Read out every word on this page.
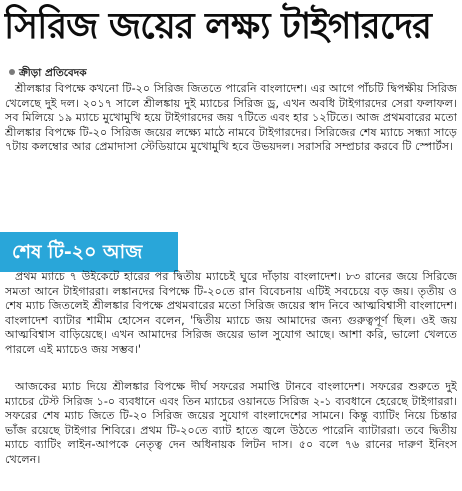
সিরিজ জয়ের লক্ষ্য টাইগারদের
ক্রীড়া প্রতিবেদক
শ্রীলঙ্কার বিপক্ষে কখনো টি-২০ সিরিজ জিততে পারেনি বাংলাদেশ। এর আগে পাঁচটি দ্বিপক্ষীয় সিরিজ খেলেছে দুই দল। ২০১৭ সালে শ্রীলঙ্কায় দুই ম্যাচের সিরিজ ড্র, এখন অবধি টাইগারদের সেরা ফলাফল। সব মিলিয়ে ১৯ ম্যাচে মুখোমুখি হয়ে টাইগারদের জয় ৭টিতে এবং হার ১২টিতে। আজ প্রথমবারের মতো শ্রীলঙ্কার বিপক্ষে টি-২০ সিরিজ জয়ের লক্ষ্যে মাঠে নামবে টাইগারদের। সিরিজের শেষ ম্যাচে সন্ধ্যা সাড়ে ৭টায় কলম্বোর আর প্রেমাদাসা স্টেডিয়ামে মুখোমুখি হবে উভয়দল। সরাসরি সম্প্রচার করবে টি স্পোর্টস।
শেষ টি-২০ আজ
প্রথম ম্যাচে ৭ উইকেটে হারের পর দ্বিতীয় ম্যাচেই ঘুরে দাঁড়ায় বাংলাদেশ। ৮৩ রানের জয়ে সিরিজে সমতা আনে টাইগাররা। লঙ্কানদের বিপক্ষে টি-২০তে রান বিবেচনায় এটিই সবচেয়ে বড় জয়। তৃতীয় ও শেষ ম্যাচ জিতলেই শ্রীলঙ্কার বিপক্ষে প্রথমবারের মতো সিরিজ জয়ের স্বাদ নিবে আত্মবিশ্বাসী বাংলাদেশ। বাংলাদেশ ব্যাটার শামীম হোসেন বলেন, 'দ্বিতীয় ম্যাচে জয় আমাদের জন্য গুরুত্বপূর্ণ ছিল। ওই জয় আত্মবিশ্বাস বাড়িয়েছে। এখন আমাদের সিরিজ জয়ের ভাল সুযোগ আছে। আশা করি, ভালো খেলতে পারলে এই ম্যাচেও জয় সম্ভব।'
আজকের ম্যাচ দিয়ে শ্রীলঙ্কার বিপক্ষে দীর্ঘ সফরের সমাপ্তি টানবে বাংলাদেশ। সফরের শুরুতে দুই ম্যাচের টেস্ট সিরিজ ১-০ ব্যবধানে এবং তিন ম্যাচের ওয়ানডে সিরিজ ২-১ ব্যবধানে হেরেছে টাইগাররা। সফরের শেষ ম্যাচ জিতে টি-২০ সিরিজ জয়ের সুযোগ বাংলাদেশের সামনে। কিন্তু ব্যাটিং নিয়ে চিন্তার ভাঁজ রয়েছে টাইগার শিবিরে। প্রথম টি-২০তে ব্যাট হাতে জ্বলে উঠতে পারেনি ব্যাটাররা। তবে দ্বিতীয় ম্যাচে ব্যাটিং লাইন-আপকে নেতৃত্ব দেন অধিনায়ক লিটন দাস। ৫০ বলে ৭৬ রানের দারুণ ইনিংস খেলেন।
